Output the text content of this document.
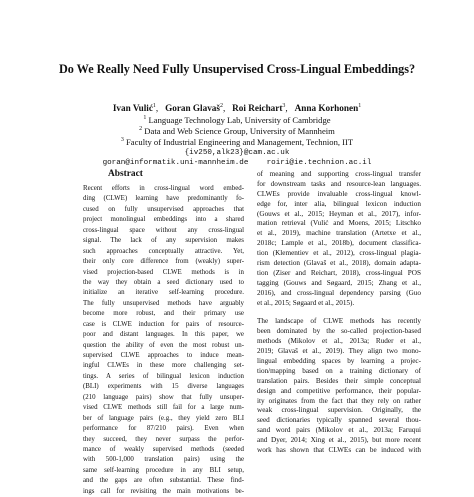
Do We Really Need Fully Unsupervised Cross-Lingual Embeddings?
Ivan Vulić$^1$,   Goran Glavaš$^2$,   Roi Reichart$^3$,   Anna Korhonen$^1$
$^1$ Language Technology Lab, University of Cambridge
$^2$ Data and Web Science Group, University of Mannheim
$^3$ Faculty of Industrial Engineering and Management, Technion, IIT
{iv250,alk23}@cam.ac.uk
goran@informatik.uni-mannheim.de    roiri@ie.technion.ac.il
Abstract
Recent efforts in cross-lingual word embed-
ding (CLWE) learning have predominantly fo-
cused on fully unsupervised approaches that
project monolingual embeddings into a shared
cross-lingual space without any cross-lingual
signal. The lack of any supervision makes
such approaches conceptually attractive. Yet,
their only core difference from (weakly) super-
vised projection-based CLWE methods is in
the way they obtain a seed dictionary used to
initialize an iterative self-learning procedure.
The fully unsupervised methods have arguably
become more robust, and their primary use
case is CLWE induction for pairs of resource-
poor and distant languages. In this paper, we
question the ability of even the most robust un-
supervised CLWE approaches to induce mean-
ingful CLWEs in these more challenging set-
tings. A series of bilingual lexicon induction
(BLI) experiments with 15 diverse languages
(210 language pairs) show that fully unsuper-
vised CLWE methods still fail for a large num-
ber of language pairs (e.g., they yield zero BLI
performance for 87/210 pairs). Even when
they succeed, they never surpass the perfor-
mance of weakly supervised methods (seeded
with 500-1,000 translation pairs) using the
same self-learning procedure in any BLI setup,
and the gaps are often substantial. These find-
ings call for revisiting the main motivations be-
of meaning and supporting cross-lingual transfer
for downstream tasks and resource-lean languages.
CLWEs provide invaluable cross-lingual knowl-
edge for, inter alia, bilingual lexicon induction
(Gouws et al., 2015; Heyman et al., 2017), infor-
mation retrieval (Vulić and Moens, 2015; Litschko
et al., 2019), machine translation (Artetxe et al.,
2018c; Lample et al., 2018b), document classifica-
tion (Klementiev et al., 2012), cross-lingual plagia-
rism detection (Glavaš et al., 2018), domain adapta-
tion (Ziser and Reichart, 2018), cross-lingual POS
tagging (Gouws and Søgaard, 2015; Zhang et al.,
2016), and cross-lingual dependency parsing (Guo
et al., 2015; Søgaard et al., 2015).
The landscape of CLWE methods has recently
been dominated by the so-called projection-based
methods (Mikolov et al., 2013a; Ruder et al.,
2019; Glavaš et al., 2019). They align two mono-
lingual embedding spaces by learning a projec-
tion/mapping based on a training dictionary of
translation pairs. Besides their simple conceptual
design and competitive performance, their popular-
ity originates from the fact that they rely on rather
weak cross-lingual supervision. Originally, the
seed dictionaries typically spanned several thou-
sand word pairs (Mikolov et al., 2013a; Faruqui
and Dyer, 2014; Xing et al., 2015), but more recent
work has shown that CLWEs can be induced with
